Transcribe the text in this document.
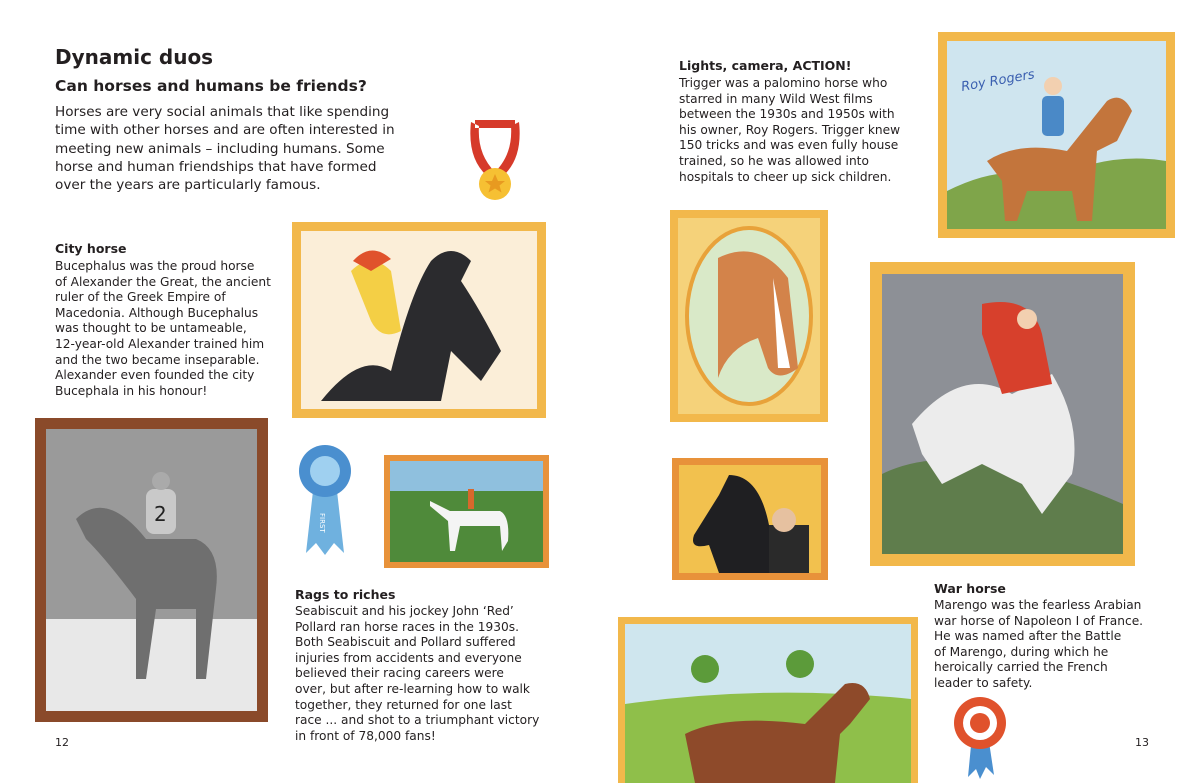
Dynamic duos
Can horses and humans be friends?
Horses are very social animals that like spending
time with other horses and are often interested in
meeting new animals – including humans. Some
horse and human friendships that have formed
over the years are particularly famous.
City horse
Bucephalus was the proud horse
of Alexander the Great, the ancient
ruler of the Greek Empire of
Macedonia. Although Bucephalus
was thought to be untameable,
12-year-old Alexander trained him
and the two became inseparable.
Alexander even founded the city
Bucephala in his honour!
Rags to riches
Seabiscuit and his jockey John ‘Red’
Pollard ran horse races in the 1930s.
Both Seabiscuit and Pollard suffered
injuries from accidents and everyone
believed their racing careers were
over, but after re-learning how to walk
together, they returned for one last
race ... and shot to a triumphant victory
in front of 78,000 fans!
12
Lights, camera, ACTION!
Trigger was a palomino horse who
starred in many Wild West films
between the 1930s and 1950s with
his owner, Roy Rogers. Trigger knew
150 tricks and was even fully house
trained, so he was allowed into
hospitals to cheer up sick children.
War horse
Marengo was the fearless Arabian
war horse of Napoleon I of France.
He was named after the Battle
of Marengo, during which he
heroically carried the French
leader to safety.
13
2	FIRST
Roy Rogers
